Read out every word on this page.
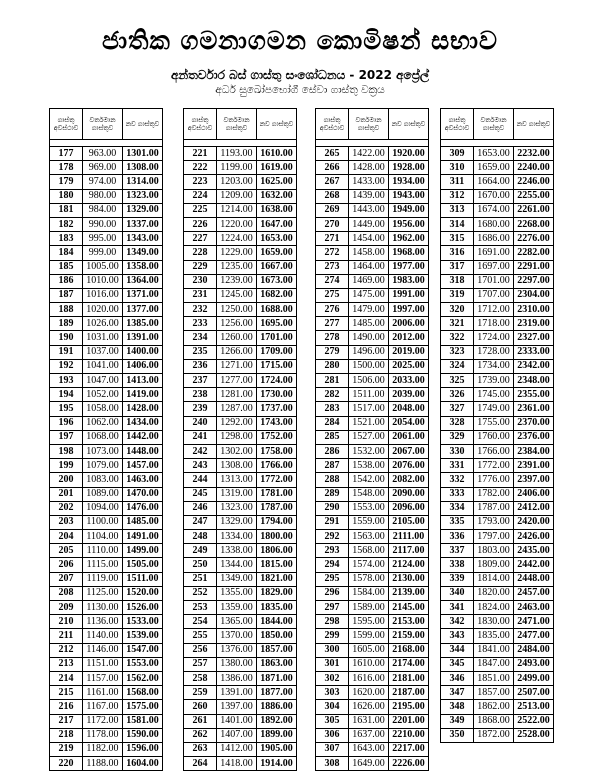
ජාතික ගමනාගමන කොමිෂන් සභාව
අන්තර්වාර බස් ගාස්තු සංශෝධනය - 2022 අප්‍රේල්
අර්ධ සුඛෝපභෝගී සේවා ගාස්තු වක්‍රය
ගාස්තු අවස්ථාව	වර්තමාන ගාස්තුව	නව ගාස්තුව

177	963.00	1301.00
178	969.00	1308.00
179	974.00	1314.00
180	980.00	1323.00
181	984.00	1329.00
182	990.00	1337.00
183	995.00	1343.00
184	999.00	1349.00
185	1005.00	1358.00
186	1010.00	1364.00
187	1016.00	1371.00
188	1020.00	1377.00
189	1026.00	1385.00
190	1031.00	1391.00
191	1037.00	1400.00
192	1041.00	1406.00
193	1047.00	1413.00
194	1052.00	1419.00
195	1058.00	1428.00
196	1062.00	1434.00
197	1068.00	1442.00
198	1073.00	1448.00
199	1079.00	1457.00
200	1083.00	1463.00
201	1089.00	1470.00
202	1094.00	1476.00
203	1100.00	1485.00
204	1104.00	1491.00
205	1110.00	1499.00
206	1115.00	1505.00
207	1119.00	1511.00
208	1125.00	1520.00
209	1130.00	1526.00
210	1136.00	1533.00
211	1140.00	1539.00
212	1146.00	1547.00
213	1151.00	1553.00
214	1157.00	1562.00
215	1161.00	1568.00
216	1167.00	1575.00
217	1172.00	1581.00
218	1178.00	1590.00
219	1182.00	1596.00
220	1188.00	1604.00
ගාස්තු අවස්ථාව	වර්තමාන ගාස්තුව	නව ගාස්තුව

221	1193.00	1610.00
222	1199.00	1619.00
223	1203.00	1625.00
224	1209.00	1632.00
225	1214.00	1638.00
226	1220.00	1647.00
227	1224.00	1653.00
228	1229.00	1659.00
229	1235.00	1667.00
230	1239.00	1673.00
231	1245.00	1682.00
232	1250.00	1688.00
233	1256.00	1695.00
234	1260.00	1701.00
235	1266.00	1709.00
236	1271.00	1715.00
237	1277.00	1724.00
238	1281.00	1730.00
239	1287.00	1737.00
240	1292.00	1743.00
241	1298.00	1752.00
242	1302.00	1758.00
243	1308.00	1766.00
244	1313.00	1772.00
245	1319.00	1781.00
246	1323.00	1787.00
247	1329.00	1794.00
248	1334.00	1800.00
249	1338.00	1806.00
250	1344.00	1815.00
251	1349.00	1821.00
252	1355.00	1829.00
253	1359.00	1835.00
254	1365.00	1844.00
255	1370.00	1850.00
256	1376.00	1857.00
257	1380.00	1863.00
258	1386.00	1871.00
259	1391.00	1877.00
260	1397.00	1886.00
261	1401.00	1892.00
262	1407.00	1899.00
263	1412.00	1905.00
264	1418.00	1914.00
ගාස්තු අවස්ථාව	වර්තමාන ගාස්තුව	නව ගාස්තුව

265	1422.00	1920.00
266	1428.00	1928.00
267	1433.00	1934.00
268	1439.00	1943.00
269	1443.00	1949.00
270	1449.00	1956.00
271	1454.00	1962.00
272	1458.00	1968.00
273	1464.00	1977.00
274	1469.00	1983.00
275	1475.00	1991.00
276	1479.00	1997.00
277	1485.00	2006.00
278	1490.00	2012.00
279	1496.00	2019.00
280	1500.00	2025.00
281	1506.00	2033.00
282	1511.00	2039.00
283	1517.00	2048.00
284	1521.00	2054.00
285	1527.00	2061.00
286	1532.00	2067.00
287	1538.00	2076.00
288	1542.00	2082.00
289	1548.00	2090.00
290	1553.00	2096.00
291	1559.00	2105.00
292	1563.00	2111.00
293	1568.00	2117.00
294	1574.00	2124.00
295	1578.00	2130.00
296	1584.00	2139.00
297	1589.00	2145.00
298	1595.00	2153.00
299	1599.00	2159.00
300	1605.00	2168.00
301	1610.00	2174.00
302	1616.00	2181.00
303	1620.00	2187.00
304	1626.00	2195.00
305	1631.00	2201.00
306	1637.00	2210.00
307	1643.00	2217.00
308	1649.00	2226.00
ගාස්තු අවස්ථාව	වර්තමාන ගාස්තුව	නව ගාස්තුව

309	1653.00	2232.00
310	1659.00	2240.00
311	1664.00	2246.00
312	1670.00	2255.00
313	1674.00	2261.00
314	1680.00	2268.00
315	1686.00	2276.00
316	1691.00	2282.00
317	1697.00	2291.00
318	1701.00	2297.00
319	1707.00	2304.00
320	1712.00	2310.00
321	1718.00	2319.00
322	1724.00	2327.00
323	1728.00	2333.00
324	1734.00	2342.00
325	1739.00	2348.00
326	1745.00	2355.00
327	1749.00	2361.00
328	1755.00	2370.00
329	1760.00	2376.00
330	1766.00	2384.00
331	1772.00	2391.00
332	1776.00	2397.00
333	1782.00	2406.00
334	1787.00	2412.00
335	1793.00	2420.00
336	1797.00	2426.00
337	1803.00	2435.00
338	1809.00	2442.00
339	1814.00	2448.00
340	1820.00	2457.00
341	1824.00	2463.00
342	1830.00	2471.00
343	1835.00	2477.00
344	1841.00	2484.00
345	1847.00	2493.00
346	1851.00	2499.00
347	1857.00	2507.00
348	1862.00	2513.00
349	1868.00	2522.00
350	1872.00	2528.00
